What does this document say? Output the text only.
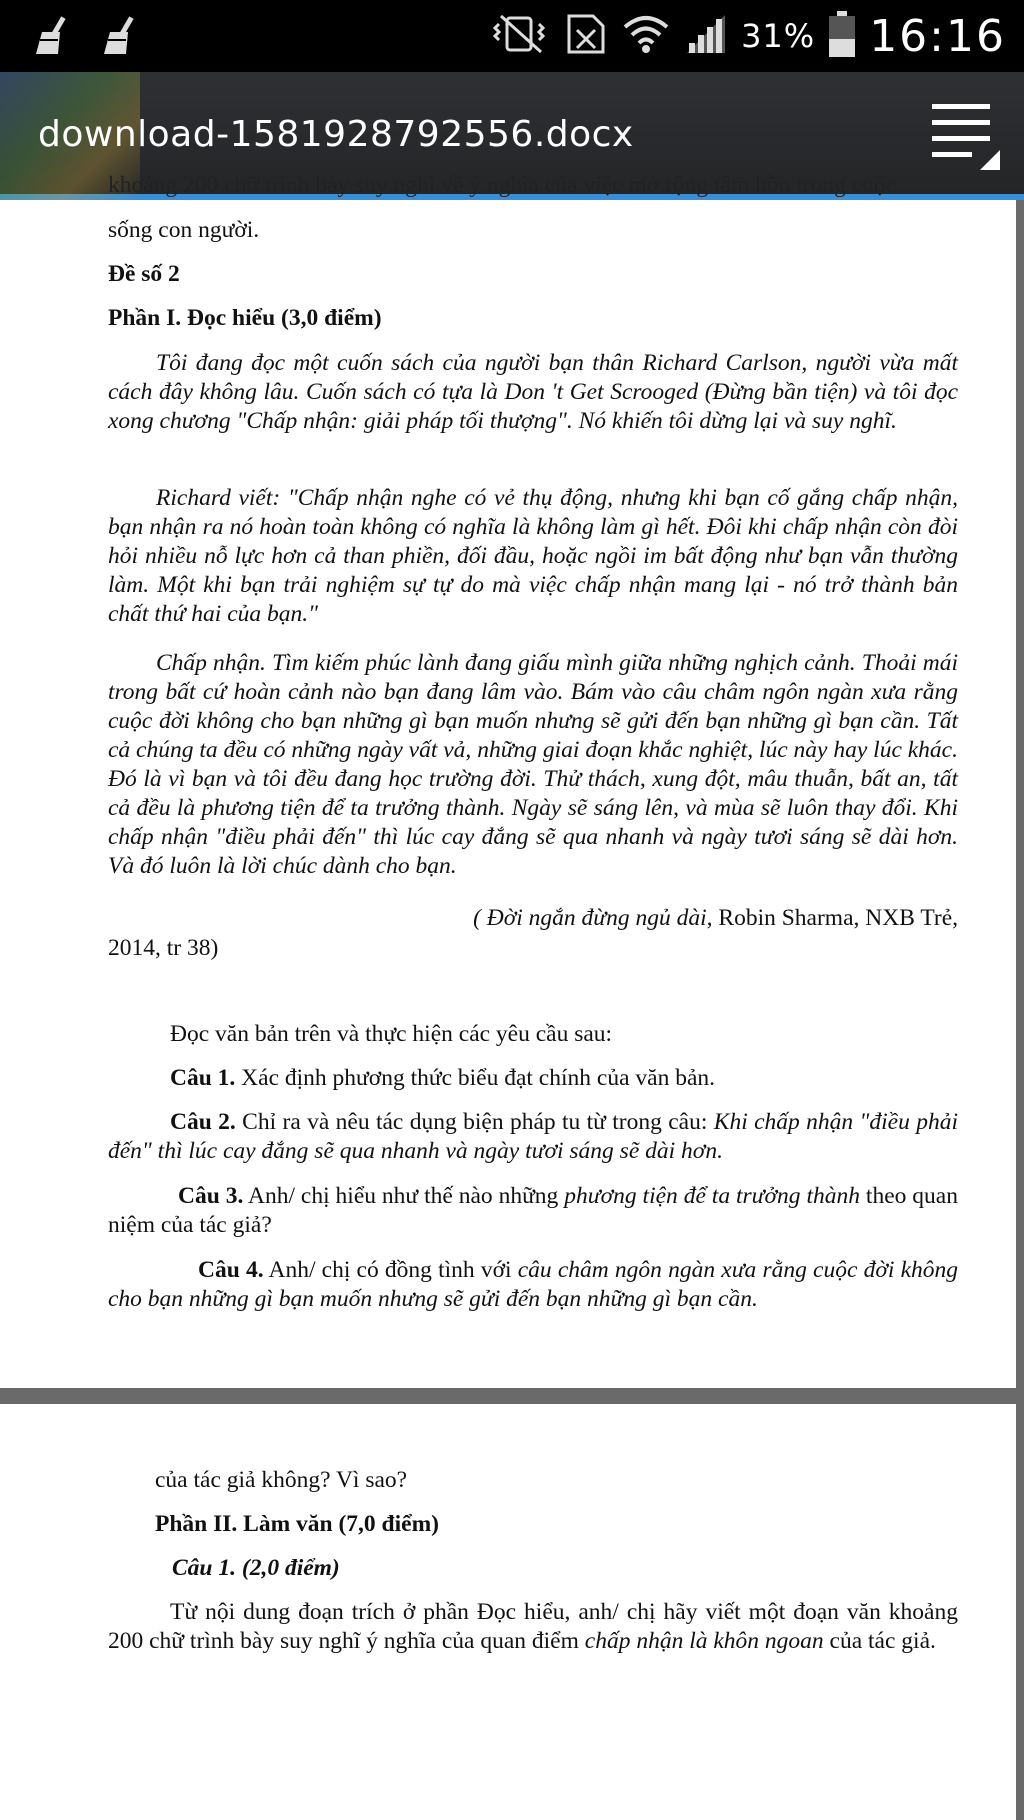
31% 16:16
download-1581928792556.docx
khoảng 200 chữ trình bày suy nghĩ về ý nghĩa của việc mở rộng tâm hồn trong cuộc

sống con người.

Đề số 2

Phần I. Đọc hiểu (3,0 điểm)

Tôi đang đọc một cuốn sách của người bạn thân Richard Carlson, người vừa mất cách đây không lâu. Cuốn sách có tựa là Don 't Get Scrooged (Đừng bần tiện) và tôi đọc xong chương "Chấp nhận: giải pháp tối thượng". Nó khiến tôi dừng lại và suy nghĩ.

Richard viết: "Chấp nhận nghe có vẻ thụ động, nhưng khi bạn cố gắng chấp nhận, bạn nhận ra nó hoàn toàn không có nghĩa là không làm gì hết. Đôi khi chấp nhận còn đòi hỏi nhiều nỗ lực hơn cả than phiền, đối đầu, hoặc ngồi im bất động như bạn vẫn thường làm. Một khi bạn trải nghiệm sự tự do mà việc chấp nhận mang lại - nó trở thành bản chất thứ hai của bạn."

Chấp nhận. Tìm kiếm phúc lành đang giấu mình giữa những nghịch cảnh. Thoải mái trong bất cứ hoàn cảnh nào bạn đang lâm vào. Bám vào câu châm ngôn ngàn xưa rằng cuộc đời không cho bạn những gì bạn muốn nhưng sẽ gửi đến bạn những gì bạn cần. Tất cả chúng ta đều có những ngày vất vả, những giai đoạn khắc nghiệt, lúc này hay lúc khác. Đó là vì bạn và tôi đều đang học trường đời. Thử thách, xung đột, mâu thuẫn, bất an, tất cả đều là phương tiện để ta trưởng thành. Ngày sẽ sáng lên, và mùa sẽ luôn thay đổi. Khi chấp nhận "điều phải đến" thì lúc cay đắng sẽ qua nhanh và ngày tươi sáng sẽ dài hơn. Và đó luôn là lời chúc dành cho bạn.

( Đời ngắn đừng ngủ dài, Robin Sharma, NXB Trẻ,

2014, tr 38)

Đọc văn bản trên và thực hiện các yêu cầu sau:

Câu 1. Xác định phương thức biểu đạt chính của văn bản.

Câu 2. Chỉ ra và nêu tác dụng biện pháp tu từ trong câu: Khi chấp nhận "điều phải đến" thì lúc cay đắng sẽ qua nhanh và ngày tươi sáng sẽ dài hơn.

Câu 3. Anh/ chị hiểu như thế nào những phương tiện để ta trưởng thành theo quan niệm của tác giả?

Câu 4. Anh/ chị có đồng tình với câu châm ngôn ngàn xưa rằng cuộc đời không cho bạn những gì bạn muốn nhưng sẽ gửi đến bạn những gì bạn cần.

của tác giả không? Vì sao?

Phần II. Làm văn (7,0 điểm)

Câu 1. (2,0 điểm)

Từ nội dung đoạn trích ở phần Đọc hiểu, anh/ chị hãy viết một đoạn văn khoảng 200 chữ trình bày suy nghĩ ý nghĩa của quan điểm chấp nhận là khôn ngoan của tác giả.
